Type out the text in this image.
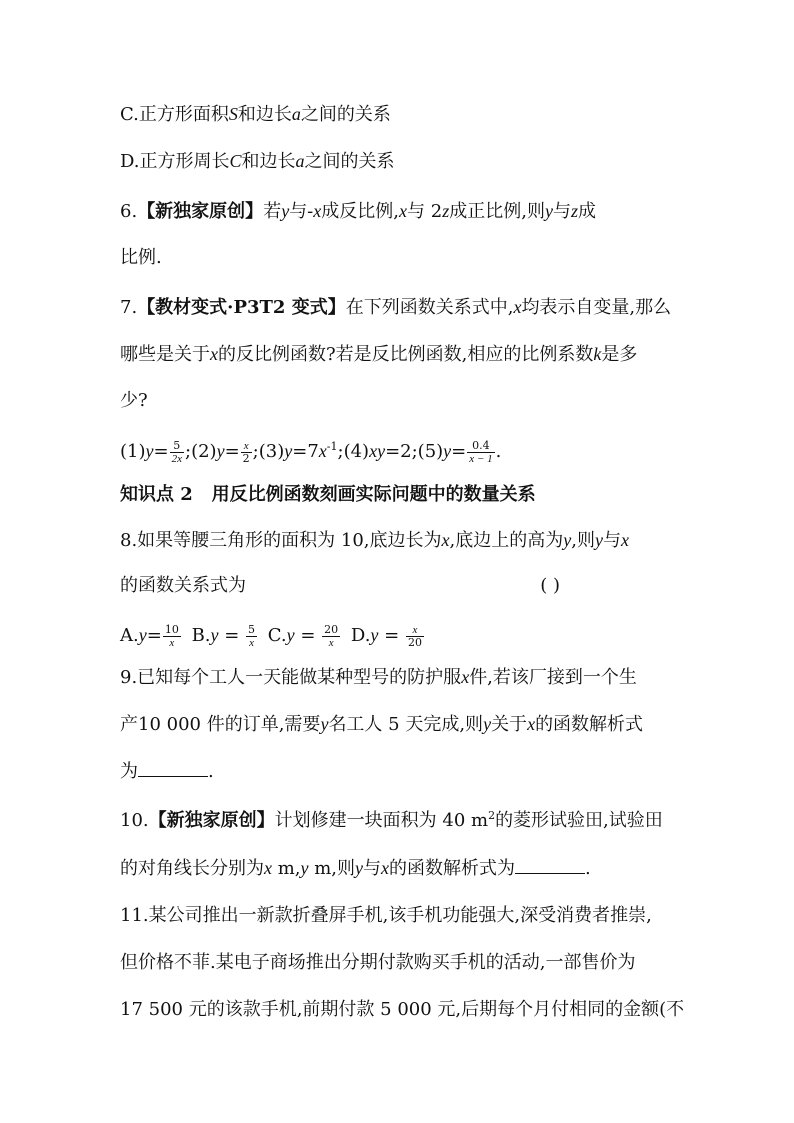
C.正方形面积S和边长a之间的关系
D.正方形周长C和边长a之间的关系
6.【新独家原创】若y与-x成反比例,x与 2z成正比例,则y与z成
比例.
7.【教材变式·P3T2 变式】在下列函数关系式中,x均表示自变量,那么
哪些是关于x的反比例函数?若是反比例函数,相应的比例系数k是多
少?
$(1)y= \frac{5}{2x}$ ;(2)y= $\frac{x}{2}$ $;(3)y=7x^{-1};(4)xy=2;(5)y= \frac{0.4}{x - 1}$ .
知识点 2 用反比例函数刻画实际问题中的数量关系
8.如果等腰三角形的面积为 10,底边长为x,底边上的高为y,则y与x
的函数关系式为	( )
$A.y= \frac{10}{x} B.y = \frac{5}{x} C.y = \frac{20}{x} D.y = \frac{x}{20}$
9.已知每个工人一天能做某种型号的防护服x件,若该厂接到一个生
产10 000 件的订单,需要y名工人 5 天完成,则y关于x的函数解析式
为	.
10.【新独家原创】计划修建一块面积为 40 $m^2$的菱形试验田,试验田
的对角线长分别为x m,y m,则y与x的函数解析式为	.
11.某公司推出一新款折叠屏手机,该手机功能强大,深受消费者推崇,
但价格不菲.某电子商场推出分期付款购买手机的活动,一部售价为
17 500 元的该款手机,前期付款 5 000 元,后期每个月付相同的金额(不
